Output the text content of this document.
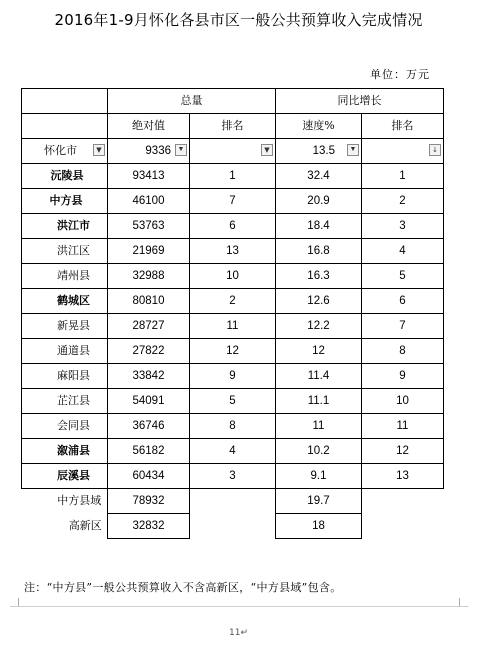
2016年1-9月怀化各县市区一般公共预算收入完成情况
单位：万元
	总量		同比增长	
	绝对值	排名	速度%	排名

怀化市 ▼	9336 ▼	▼	13.5 ▼	↓

沅陵县	93413	1	32.4	1
中方县	46100	7	20.9	2
洪江市	53763	6	18.4	3
洪江区	21969	13	16.8	4
靖州县	32988	10	16.3	5
鹤城区	80810	2	12.6	6
新晃县	28727	11	12.2	7
通道县	27822	12	12	8
麻阳县	33842	9	11.4	9
芷江县	54091	5	11.1	10
会同县	36746	8	11	11
溆浦县	56182	4	10.2	12
辰溪县	60434	3	9.1	13
中方县域	78932		19.7	
高新区	32832		18	
注：“中方县”一般公共预算收入不含高新区，“中方县域”包含。
11↵
